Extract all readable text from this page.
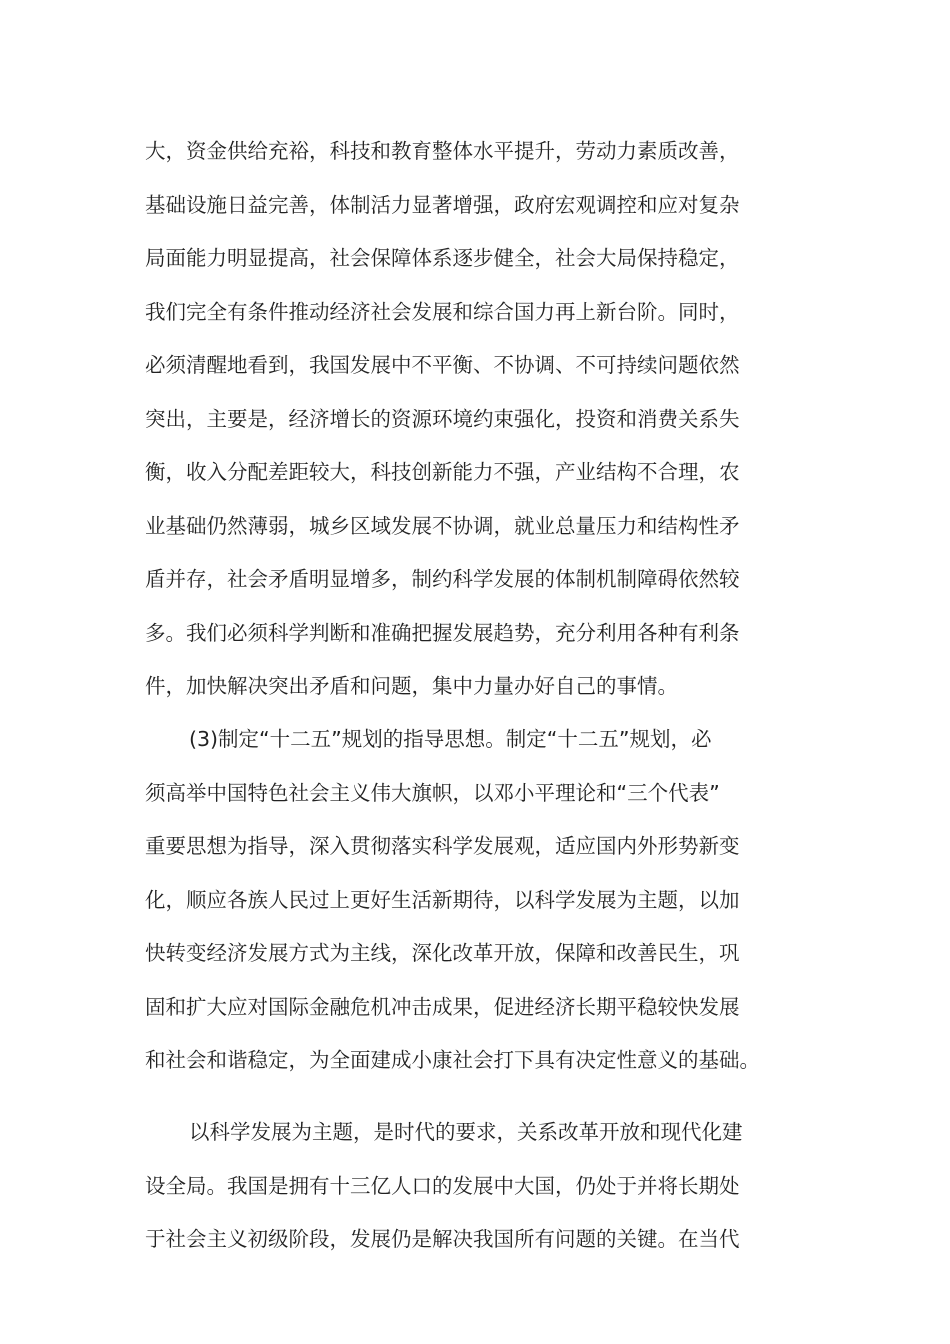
大，资金供给充裕，科技和教育整体水平提升，劳动力素质改善，
基础设施日益完善，体制活力显著增强，政府宏观调控和应对复杂
局面能力明显提高，社会保障体系逐步健全，社会大局保持稳定，
我们完全有条件推动经济社会发展和综合国力再上新台阶。同时，
必须清醒地看到，我国发展中不平衡、不协调、不可持续问题依然
突出，主要是，经济增长的资源环境约束强化，投资和消费关系失
衡，收入分配差距较大，科技创新能力不强，产业结构不合理，农
业基础仍然薄弱，城乡区域发展不协调，就业总量压力和结构性矛
盾并存，社会矛盾明显增多，制约科学发展的体制机制障碍依然较
多。我们必须科学判断和准确把握发展趋势，充分利用各种有利条
件，加快解决突出矛盾和问题，集中力量办好自己的事情。
(3)制定“十二五”规划的指导思想。制定“十二五”规划，必
须高举中国特色社会主义伟大旗帜，以邓小平理论和“三个代表”
重要思想为指导，深入贯彻落实科学发展观，适应国内外形势新变
化，顺应各族人民过上更好生活新期待，以科学发展为主题，以加
快转变经济发展方式为主线，深化改革开放，保障和改善民生，巩
固和扩大应对国际金融危机冲击成果，促进经济长期平稳较快发展
和社会和谐稳定，为全面建成小康社会打下具有决定性意义的基础。
以科学发展为主题，是时代的要求，关系改革开放和现代化建
设全局。我国是拥有十三亿人口的发展中大国，仍处于并将长期处
于社会主义初级阶段，发展仍是解决我国所有问题的关键。在当代
